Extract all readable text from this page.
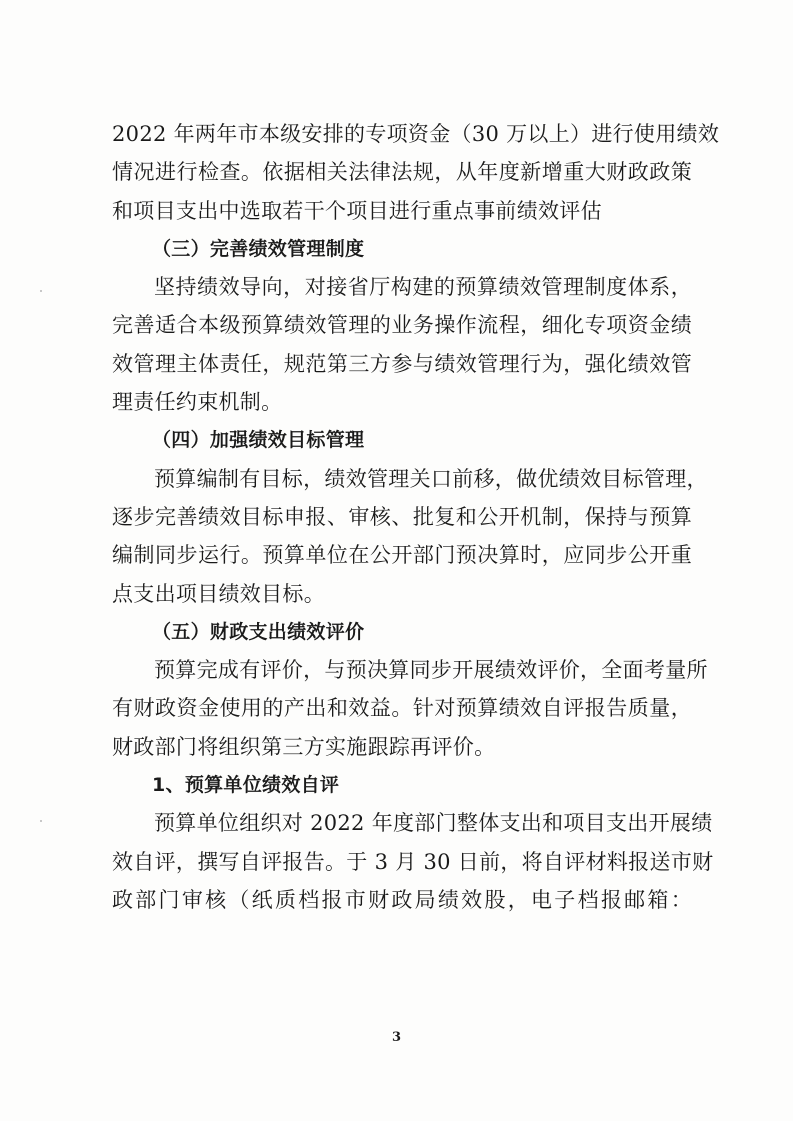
2022 年两年市本级安排的专项资金（30 万以上）进行使用绩效
情况进行检查。依据相关法律法规，从年度新增重大财政政策
和项目支出中选取若干个项目进行重点事前绩效评估
（三）完善绩效管理制度
坚持绩效导向，对接省厅构建的预算绩效管理制度体系，
完善适合本级预算绩效管理的业务操作流程，细化专项资金绩
效管理主体责任，规范第三方参与绩效管理行为，强化绩效管
理责任约束机制。
（四）加强绩效目标管理
预算编制有目标，绩效管理关口前移，做优绩效目标管理，
逐步完善绩效目标申报、审核、批复和公开机制，保持与预算
编制同步运行。预算单位在公开部门预决算时，应同步公开重
点支出项目绩效目标。
（五）财政支出绩效评价
预算完成有评价，与预决算同步开展绩效评价，全面考量所
有财政资金使用的产出和效益。针对预算绩效自评报告质量，
财政部门将组织第三方实施跟踪再评价。
1、预算单位绩效自评
预算单位组织对 2022 年度部门整体支出和项目支出开展绩
效自评，撰写自评报告。于 3 月 30 日前，将自评材料报送市财
政部门审核（纸质档报市财政局绩效股，电子档报邮箱：
3
